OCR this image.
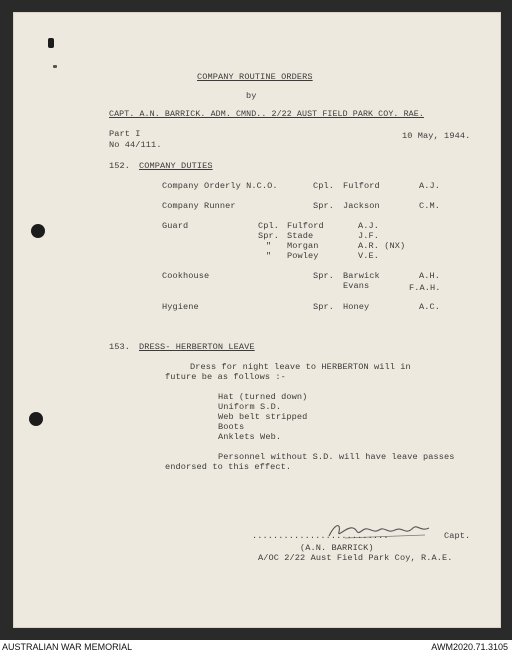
COMPANY ROUTINE ORDERS
by
CAPT. A.N. BARRICK. ADM. CMND.. 2/22 AUST FIELD PARK COY. RAE.
Part I
No 44/111.
10 May, 1944.
152. COMPANY DUTIES
Company Orderly N.C.O.	Cpl. Fulford	A.J.
Company Runner	Spr. Jackson	C.M.
Guard	Cpl. Fulford	A.J.
Spr. Stade	J.F.
" Morgan	A.R. (NX)
" Powley	V.E.
Cookhouse	Spr. Barwick	A.H.
Evans	F.A.H.
Hygiene	Spr. Honey	A.C.
153. DRESS- HERBERTON LEAVE
Dress for night leave to HERBERTON will in
future be as follows :-
Hat (turned down)
Uniform S.D.
Web belt stripped
Boots
Anklets Web.
Personnel without S.D. will have leave passes
endorsed to this effect.
..........................	Capt.
(A.N. BARRICK)
A/OC 2/22 Aust Field Park Coy, R.A.E.
AUSTRALIAN WAR MEMORIAL	AWM2020.71.3105
